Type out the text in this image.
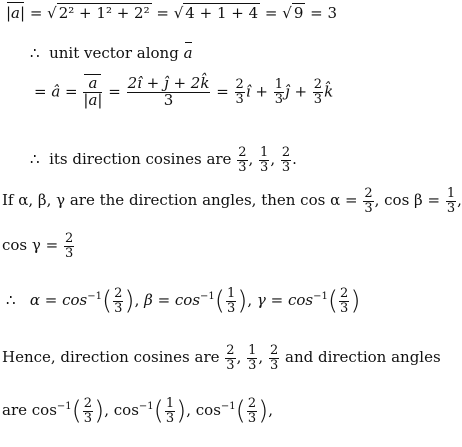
|a| = √ 2² + 1² + 2² = √ 4 + 1 + 4 = √ 9 = 3
∴ unit vector along a
= â = $\frac{a}{|a|} = \frac{2î + ĵ + 2k̂}{3} = \frac{2}{3}$ î + $\frac{1}{3}$ ĵ + $\frac{2}{3}$ k̂
∴ its direction cosines are $\frac{2}{3}$ , $\frac{1}{3}$ , $\frac{2}{3}$ .
If α, β, γ are the direction angles, then $\cos \alpha = \frac{2}{3}$ , $\cos \beta = \frac{1}{3}$ ,
$\cos \gamma = \frac{2}{3}$
∴ $\alpha = \cos^{-1}( \frac{2}{3}$ ), $\beta = \cos^{-1}( \frac{1}{3}$ ), $\gamma = \cos^{-1}( \frac{2}{3}$ )
Hence, direction cosines are $\frac{2}{3}$ , $\frac{1}{3}$ , $\frac{2}{3}$ and direction angles
are $\cos^{-1}( \frac{2}{3}$ ), $\cos^{-1}( \frac{1}{3}$ ), $\cos^{-1}( \frac{2}{3}$ ),
